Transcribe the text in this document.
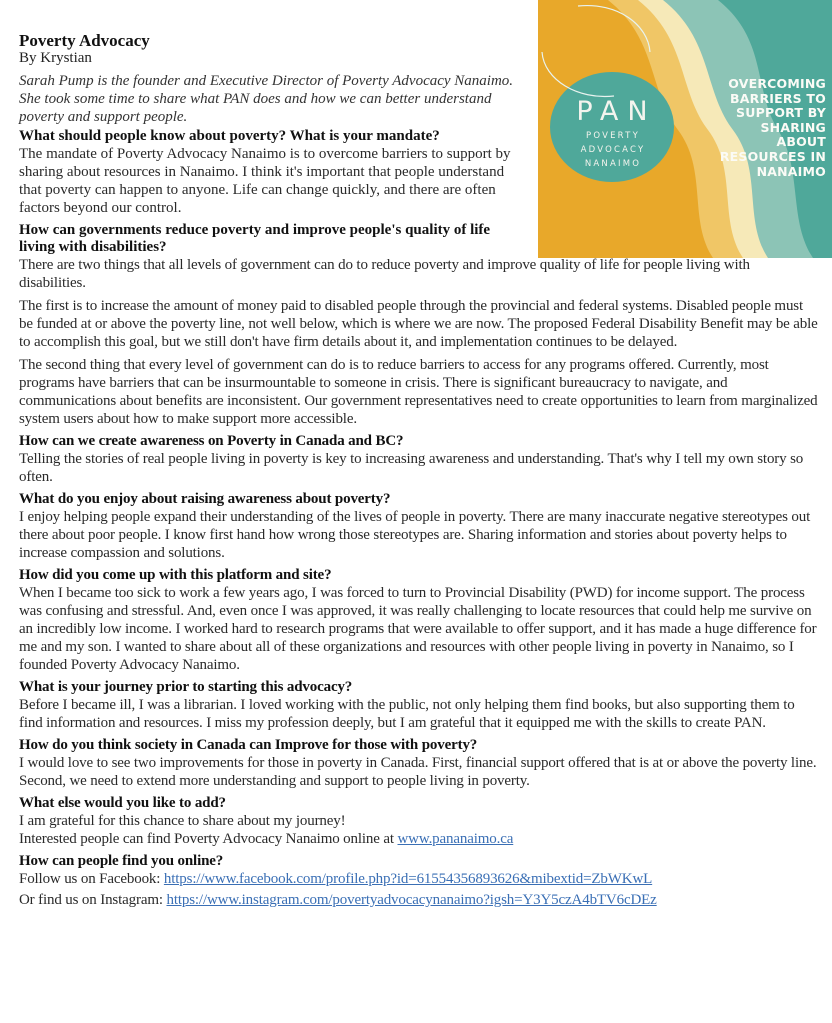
PAN
POVERTY
ADVOCACY
NANAIMO
OVERCOMING
BARRIERS TO
SUPPORT BY
SHARING
ABOUT
RESOURCES IN
NANAIMO
Poverty Advocacy

By Krystian

Sarah Pump is the founder and Executive Director of Poverty Advocacy Nanaimo. She took some time to share what PAN does and how we can better understand poverty and support people.

What should people know about poverty? What is your mandate?

The mandate of Poverty Advocacy Nanaimo is to overcome barriers to support by sharing about resources in Nanaimo. I think it's important that people understand that poverty can happen to anyone. Life can change quickly, and there are often factors beyond our control.

How can governments reduce poverty and improve people's quality of life living with disabilities?

There are two things that all levels of government can do to reduce poverty and improve quality of life for people living with disabilities.

The first is to increase the amount of money paid to disabled people through the provincial and federal systems. Disabled people must be funded at or above the poverty line, not well below, which is where we are now. The proposed Federal Disability Benefit may be able to accomplish this goal, but we still don't have firm details about it, and implementation continues to be delayed.

The second thing that every level of government can do is to reduce barriers to access for any programs offered. Currently, most programs have barriers that can be insurmountable to someone in crisis. There is significant bureaucracy to navigate, and communications about benefits are inconsistent. Our government representatives need to create opportunities to learn from marginalized system users about how to make support more accessible.

How can we create awareness on Poverty in Canada and BC?

Telling the stories of real people living in poverty is key to increasing awareness and understanding. That's why I tell my own story so often.

What do you enjoy about raising awareness about poverty?

I enjoy helping people expand their understanding of the lives of people in poverty. There are many inaccurate negative stereotypes out there about poor people. I know first hand how wrong those stereotypes are. Sharing information and stories about poverty helps to increase compassion and solutions.

How did you come up with this platform and site?

When I became too sick to work a few years ago, I was forced to turn to Provincial Disability (PWD) for income support. The process was confusing and stressful. And, even once I was approved, it was really challenging to locate resources that could help me survive on an incredibly low income. I worked hard to research programs that were available to offer support, and it has made a huge difference for me and my son. I wanted to share about all of these organizations and resources with other people living in poverty in Nanaimo, so I founded Poverty Advocacy Nanaimo.

What is your journey prior to starting this advocacy?

Before I became ill, I was a librarian. I loved working with the public, not only helping them find books, but also supporting them to find information and resources. I miss my profession deeply, but I am grateful that it equipped me with the skills to create PAN.

How do you think society in Canada can Improve for those with poverty?

I would love to see two improvements for those in poverty in Canada. First, financial support offered that is at or above the poverty line. Second, we need to extend more understanding and support to people living in poverty.

What else would you like to add?

I am grateful for this chance to share about my journey!

Interested people can find Poverty Advocacy Nanaimo online at www.pananaimo.ca

How can people find you online?

Follow us on Facebook: https://www.facebook.com/profile.php?id=61554356893626&mibextid=ZbWKwL

Or find us on Instagram: https://www.instagram.com/povertyadvocacynanaimo?igsh=Y3Y5czA4bTV6cDEz
